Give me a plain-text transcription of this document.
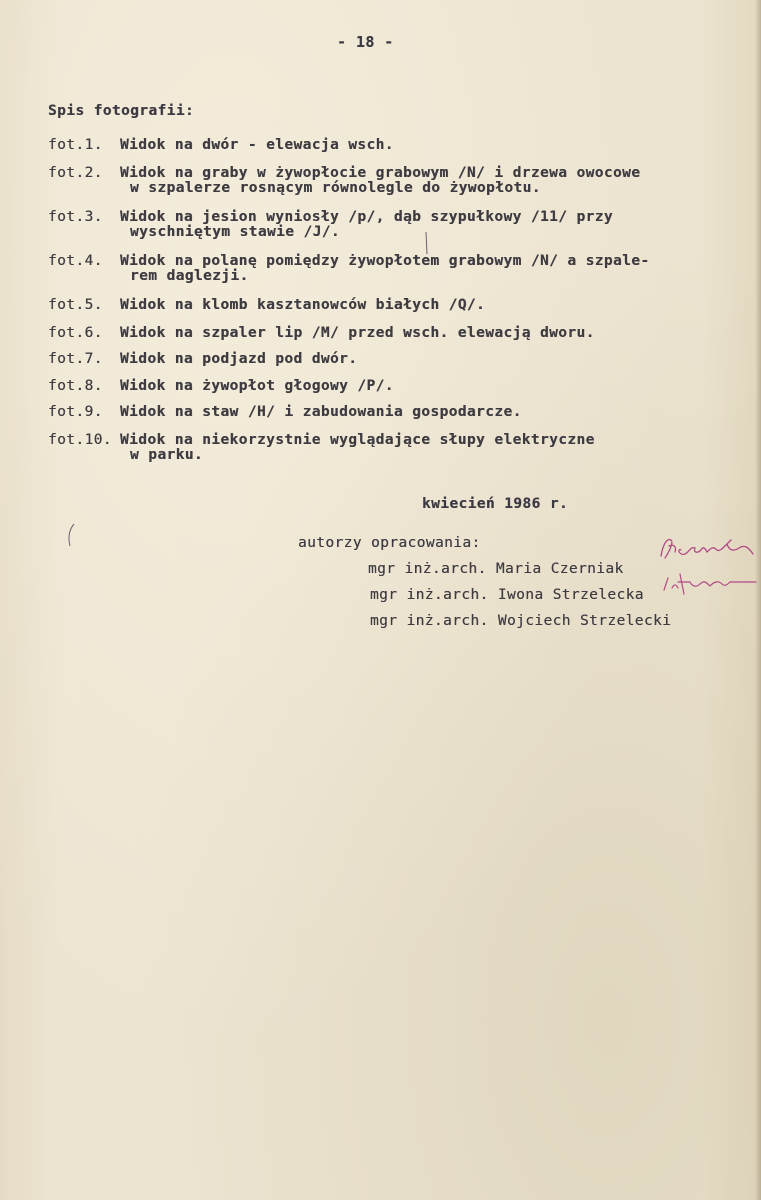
- 18 -
Spis fotografii:
fot.1. Widok na dwór - elewacja wsch.
fot.2. Widok na graby w żywopłocie grabowym /N/ i drzewa owocowe
w szpalerze rosnącym równolegle do żywopłotu.
fot.3. Widok na jesion wyniosły /p/, dąb szypułkowy /11/ przy
wyschniętym stawie /J/.
fot.4. Widok na polanę pomiędzy żywopłotem grabowym /N/ a szpale-
rem daglezji.
fot.5. Widok na klomb kasztanowców białych /Q/.
fot.6. Widok na szpaler lip /M/ przed wsch. elewacją dworu.
fot.7. Widok na podjazd pod dwór.
fot.8. Widok na żywopłot głogowy /P/.
fot.9. Widok na staw /H/ i zabudowania gospodarcze.
fot.10. Widok na niekorzystnie wyglądające słupy elektryczne
w parku.
kwiecień 1986 r.
autorzy opracowania:
mgr inż.arch. Maria Czerniak
mgr inż.arch. Iwona Strzelecka
mgr inż.arch. Wojciech Strzelecki
